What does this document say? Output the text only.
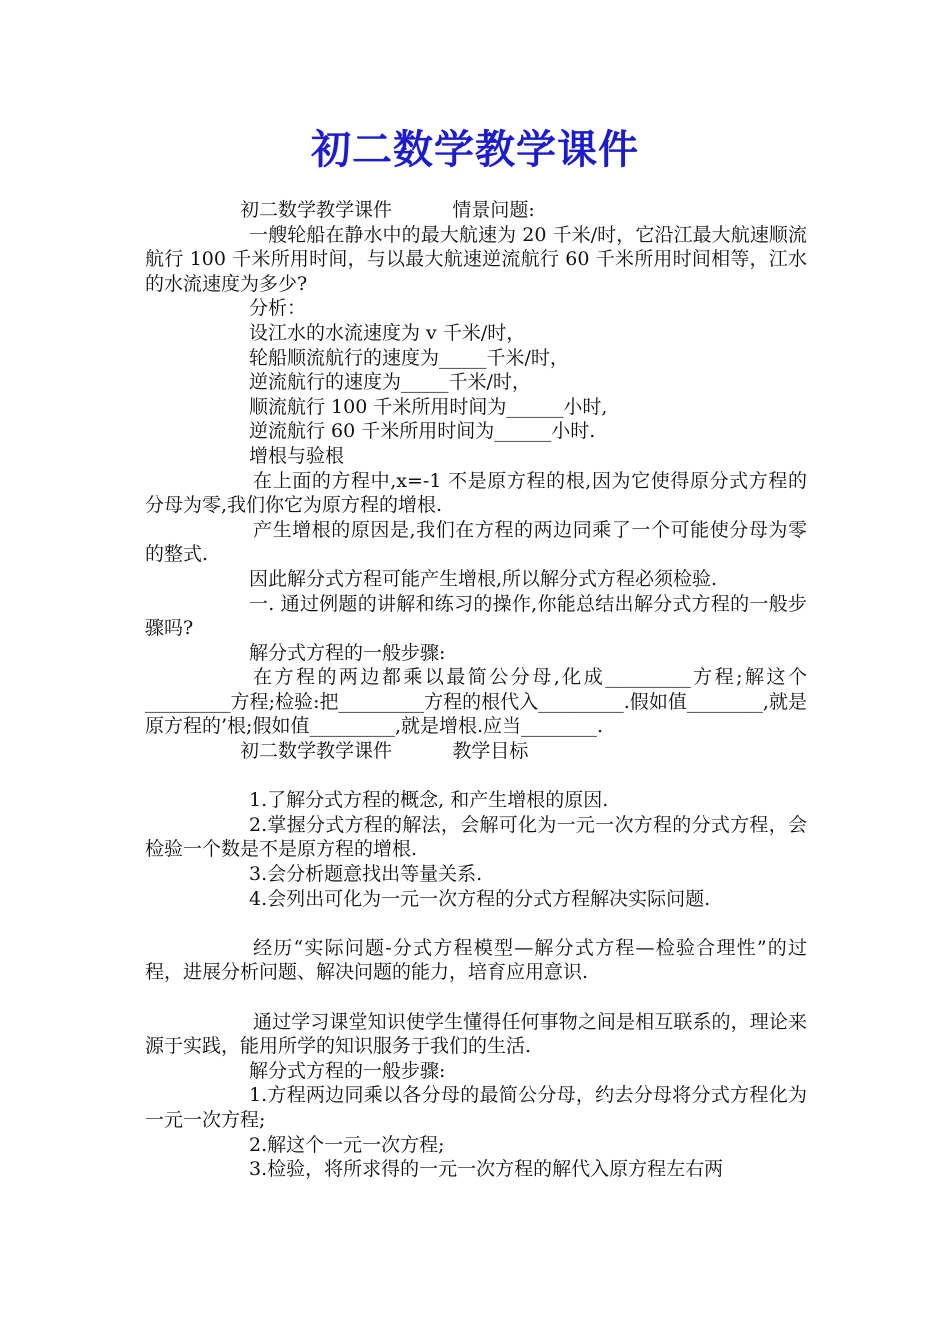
初二数学教学课件

初二数学教学课件          情景问题:

一艘轮船在静水中的最大航速为 20 千米/时，它沿江最大航速顺流航行 100 千米所用时间，与以最大航速逆流航行 60 千米所用时间相等，江水的水流速度为多少?

分析：

设江水的水流速度为 v 千米/时，

轮船顺流航行的速度为_____千米/时，

逆流航行的速度为_____千米/时，

顺流航行 100 千米所用时间为______小时,

逆流航行 60 千米所用时间为______小时.

增根与验根

在上面的方程中,x=-1 不是原方程的根,因为它使得原分式方程的分母为零,我们你它为原方程的增根.

产生增根的原因是,我们在方程的两边同乘了一个可能使分母为零的整式.

因此解分式方程可能产生增根,所以解分式方程必须检验.

一. 通过例题的讲解和练习的操作,你能总结出解分式方程的一般步骤吗?

解分式方程的一般步骤:

在方程的两边都乘以最简公分母,化成_________方程;解这个_________方程;检验:把_________方程的根代入_________.假如值________,就是原方程的’根;假如值_________,就是增根.应当________.

初二数学教学课件          教学目标

1.了解分式方程的概念, 和产生增根的原因.

2.掌握分式方程的解法，会解可化为一元一次方程的分式方程，会检验一个数是不是原方程的增根.

3.会分析题意找出等量关系.

4.会列出可化为一元一次方程的分式方程解决实际问题.

经历“实际问题-分式方程模型—解分式方程—检验合理性”的过程，进展分析问题、解决问题的能力，培育应用意识.

通过学习课堂知识使学生懂得任何事物之间是相互联系的，理论来源于实践，能用所学的知识服务于我们的生活.

解分式方程的一般步骤:

1.方程两边同乘以各分母的最简公分母，约去分母将分式方程化为一元一次方程;

2.解这个一元一次方程;

3.检验，将所求得的一元一次方程的解代入原方程左右两
